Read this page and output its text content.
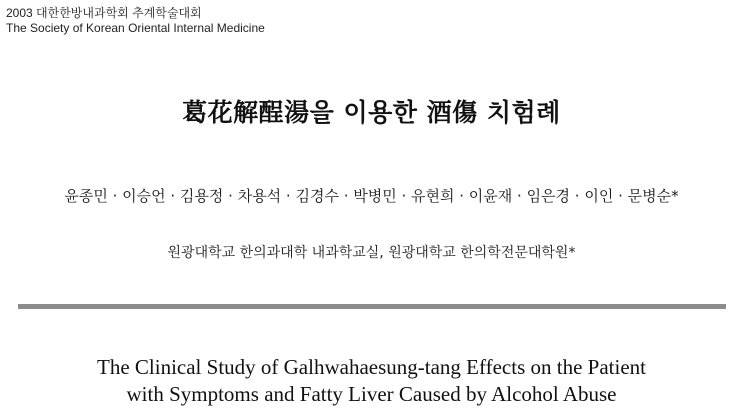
2003 대한한방내과학회 추계학술대회
The Society of Korean Oriental Internal Medicine
葛花解酲湯을 이용한 酒傷 치험례
윤종민 · 이승언 · 김용정 · 차용석 · 김경수 · 박병민 · 유현희 · 이윤재 · 임은경 · 이인 · 문병순*
원광대학교 한의과대학 내과학교실, 원광대학교 한의학전문대학원*
The Clinical Study of Galhwahaesung-tang Effects on the Patient
with Symptoms and Fatty Liver Caused by Alcohol Abuse
